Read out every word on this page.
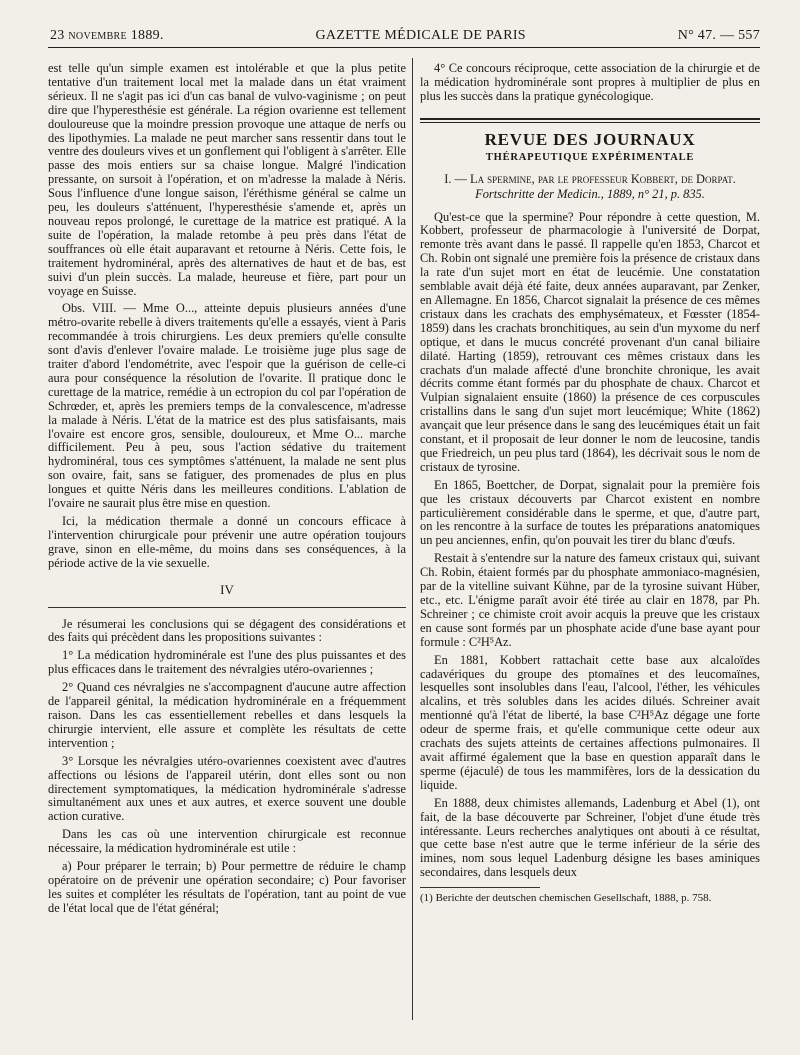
23 novembre 1889.	GAZETTE MÉDICALE DE PARIS	N° 47. — 557

est telle qu'un simple examen est intolérable et que la plus petite tentative d'un traitement local met la malade dans un état vraiment sérieux. Il ne s'agit pas ici d'un cas banal de vulvo-vaginisme ; on peut dire que l'hyperesthésie est générale. La région ovarienne est tellement douloureuse que la moindre pression provoque une attaque de nerfs ou des lipothymies. La malade ne peut marcher sans ressentir dans tout le ventre des douleurs vives et un gonflement qui l'obligent à s'arrêter. Elle passe des mois entiers sur sa chaise longue. Malgré l'indication pressante, on sursoit à l'opération, et on m'adresse la malade à Néris. Sous l'influence d'une longue saison, l'éréthisme général se calme un peu, les douleurs s'atténuent, l'hyperesthésie s'amende et, après un nouveau repos prolongé, le curettage de la matrice est pratiqué. A la suite de l'opération, la malade retombe à peu près dans l'état de souffrances où elle était auparavant et retourne à Néris. Cette fois, le traitement hydrominéral, après des alternatives de haut et de bas, est suivi d'un plein succès. La malade, heureuse et fière, part pour un voyage en Suisse.

Obs. VIII. — Mme O..., atteinte depuis plusieurs années d'une métro-ovarite rebelle à divers traitements qu'elle a essayés, vient à Paris recommandée à trois chirurgiens. Les deux premiers qu'elle consulte sont d'avis d'enlever l'ovaire malade. Le troisième juge plus sage de traiter d'abord l'endométrite, avec l'espoir que la guérison de celle-ci aura pour conséquence la résolution de l'ovarite. Il pratique donc le curettage de la matrice, remédie à un ectropion du col par l'opération de Schrœder, et, après les premiers temps de la convalescence, m'adresse la malade à Néris. L'état de la matrice est des plus satisfaisants, mais l'ovaire est encore gros, sensible, douloureux, et Mme O... marche difficilement. Peu à peu, sous l'action sédative du traitement hydrominéral, tous ces symptômes s'atténuent, la malade ne sent plus son ovaire, fait, sans se fatiguer, des promenades de plus en plus longues et quitte Néris dans les meilleures conditions. L'ablation de l'ovaire ne saurait plus être mise en question.

Ici, la médication thermale a donné un concours efficace à l'intervention chirurgicale pour prévenir une autre opération toujours grave, sinon en elle-même, du moins dans ses conséquences, à la période active de la vie sexuelle.

IV

Je résumerai les conclusions qui se dégagent des considérations et des faits qui précèdent dans les propositions suivantes :

1° La médication hydrominérale est l'une des plus puissantes et des plus efficaces dans le traitement des névralgies utéro-ovariennes ;

2° Quand ces névralgies ne s'accompagnent d'aucune autre affection de l'appareil génital, la médication hydrominérale en a fréquemment raison. Dans les cas essentiellement rebelles et dans lesquels la chirurgie intervient, elle assure et complète les résultats de cette intervention ;

3° Lorsque les névralgies utéro-ovariennes coexistent avec d'autres affections ou lésions de l'appareil utérin, dont elles sont ou non directement symptomatiques, la médication hydrominérale s'adresse simultanément aux unes et aux autres, et exerce souvent une double action curative.

Dans les cas où une intervention chirurgicale est reconnue nécessaire, la médication hydrominérale est utile :

a) Pour préparer le terrain; b) Pour permettre de réduire le champ opératoire on de prévenir une opération secondaire; c) Pour favoriser les suites et compléter les résultats de l'opération, tant au point de vue de l'état local que de l'état général;

4° Ce concours réciproque, cette association de la chirurgie et de la médication hydrominérale sont propres à multiplier de plus en plus les succès dans la pratique gynécologique.

REVUE DES JOURNAUX
THÉRAPEUTIQUE EXPÉRIMENTALE
I. — La spermine, par le professeur Kobbert, de Dorpat.
Fortschritte der Medicin., 1889, n° 21, p. 835.

Qu'est-ce que la spermine? Pour répondre à cette question, M. Kobbert, professeur de pharmacologie à l'université de Dorpat, remonte très avant dans le passé. Il rappelle qu'en 1853, Charcot et Ch. Robin ont signalé une première fois la présence de cristaux dans la rate d'un sujet mort en état de leucémie. Une constatation semblable avait déjà été faite, deux années auparavant, par Zenker, en Allemagne. En 1856, Charcot signalait la présence de ces mêmes cristaux dans les crachats des emphysémateux, et Fœsster (1854-1859) dans les crachats bronchitiques, au sein d'un myxome du nerf optique, et dans le mucus concrété provenant d'un canal biliaire dilaté. Harting (1859), retrouvant ces mêmes cristaux dans les crachats d'un malade affecté d'une bronchite chronique, les avait décrits comme étant formés par du phosphate de chaux. Charcot et Vulpian signalaient ensuite (1860) la présence de ces corpuscules cristallins dans le sang d'un sujet mort leucémique; White (1862) avançait que leur présence dans le sang des leucémiques était un fait constant, et il proposait de leur donner le nom de leucosine, tandis que Friedreich, un peu plus tard (1864), les décrivait sous le nom de cristaux de tyrosine.

En 1865, Boettcher, de Dorpat, signalait pour la première fois que les cristaux découverts par Charcot existent en nombre particulièrement considérable dans le sperme, et que, d'autre part, on les rencontre à la surface de toutes les préparations anatomiques un peu anciennes, enfin, qu'on pouvait les tirer du blanc d'œufs.

Restait à s'entendre sur la nature des fameux cristaux qui, suivant Ch. Robin, étaient formés par du phosphate ammoniaco-magnésien, par de la vitelline suivant Kühne, par de la tyrosine suivant Hüber, etc., etc. L'énigme paraît avoir été tirée au clair en 1878, par Ph. Schreiner ; ce chimiste croit avoir acquis la preuve que les cristaux en cause sont formés par un phosphate acide d'une base ayant pour formule : C²H⁵Az.

En 1881, Kobbert rattachait cette base aux alcaloïdes cadavériques du groupe des ptomaïnes et des leucomaïnes, lesquelles sont insolubles dans l'eau, l'alcool, l'éther, les véhicules alcalins, et très solubles dans les acides dilués. Schreiner avait mentionné qu'à l'état de liberté, la base C²H⁵Az dégage une forte odeur de sperme frais, et qu'elle communique cette odeur aux crachats des sujets atteints de certaines affections pulmonaires. Il avait affirmé également que la base en question apparaît dans le sperme (éjaculé) de tous les mammifères, lors de la dessication du liquide.

En 1888, deux chimistes allemands, Ladenburg et Abel (1), ont fait, de la base découverte par Schreiner, l'objet d'une étude très intéressante. Leurs recherches analytiques ont abouti à ce résultat, que cette base n'est autre que le terme inférieur de la série des imines, nom sous lequel Ladenburg désigne les bases aminiques secondaires, dans lesquels deux

(1) Berichte der deutschen chemischen Gesellschaft, 1888, p. 758.
